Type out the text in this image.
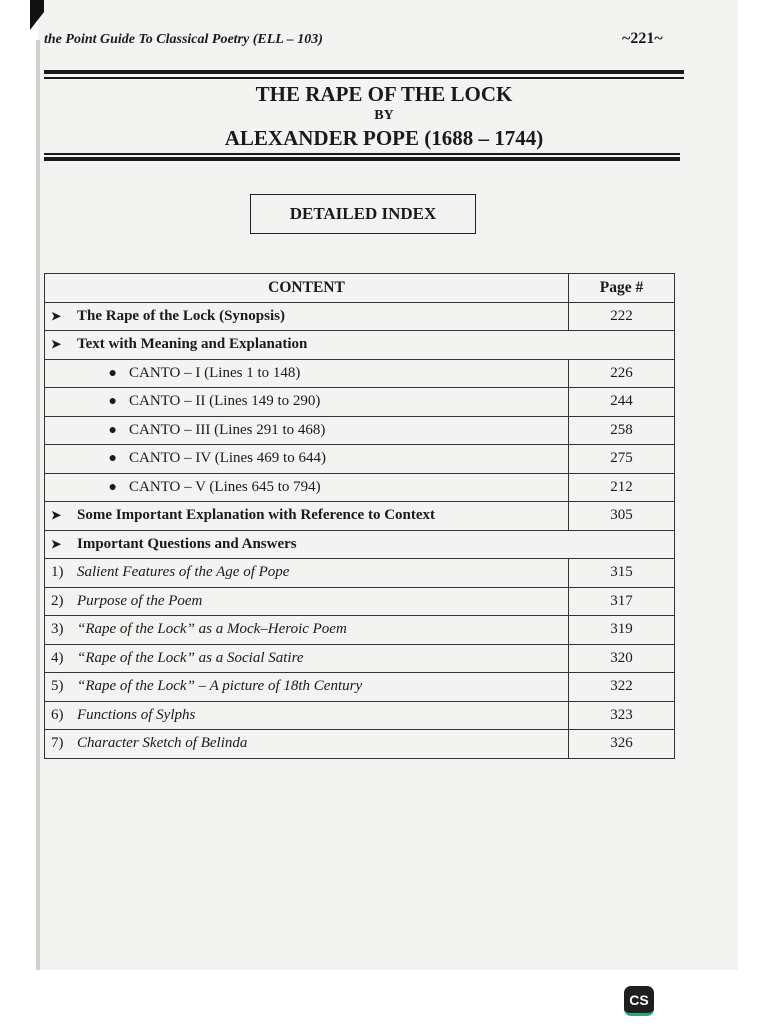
the Point Guide To Classical Poetry (ELL – 103)	~221~
THE RAPE OF THE LOCK
BY
ALEXANDER POPE (1688 – 1744)
DETAILED INDEX
CONTENT	Page #
➤ The Rape of the Lock (Synopsis)	222
➤ Text with Meaning and Explanation	
● CANTO – I (Lines 1 to 148)	226
● CANTO – II (Lines 149 to 290)	244
● CANTO – III (Lines 291 to 468)	258
● CANTO – IV (Lines 469 to 644)	275
● CANTO – V (Lines 645 to 794)	212
➤ Some Important Explanation with Reference to Context	305
➤ Important Questions and Answers	
1) Salient Features of the Age of Pope	315
2) Purpose of the Poem	317
3) “Rape of the Lock” as a Mock–Heroic Poem	319
4) “Rape of the Lock” as a Social Satire	320
5) “Rape of the Lock” – A picture of 18th Century	322
6) Functions of Sylphs	323
7) Character Sketch of Belinda	326
CS
